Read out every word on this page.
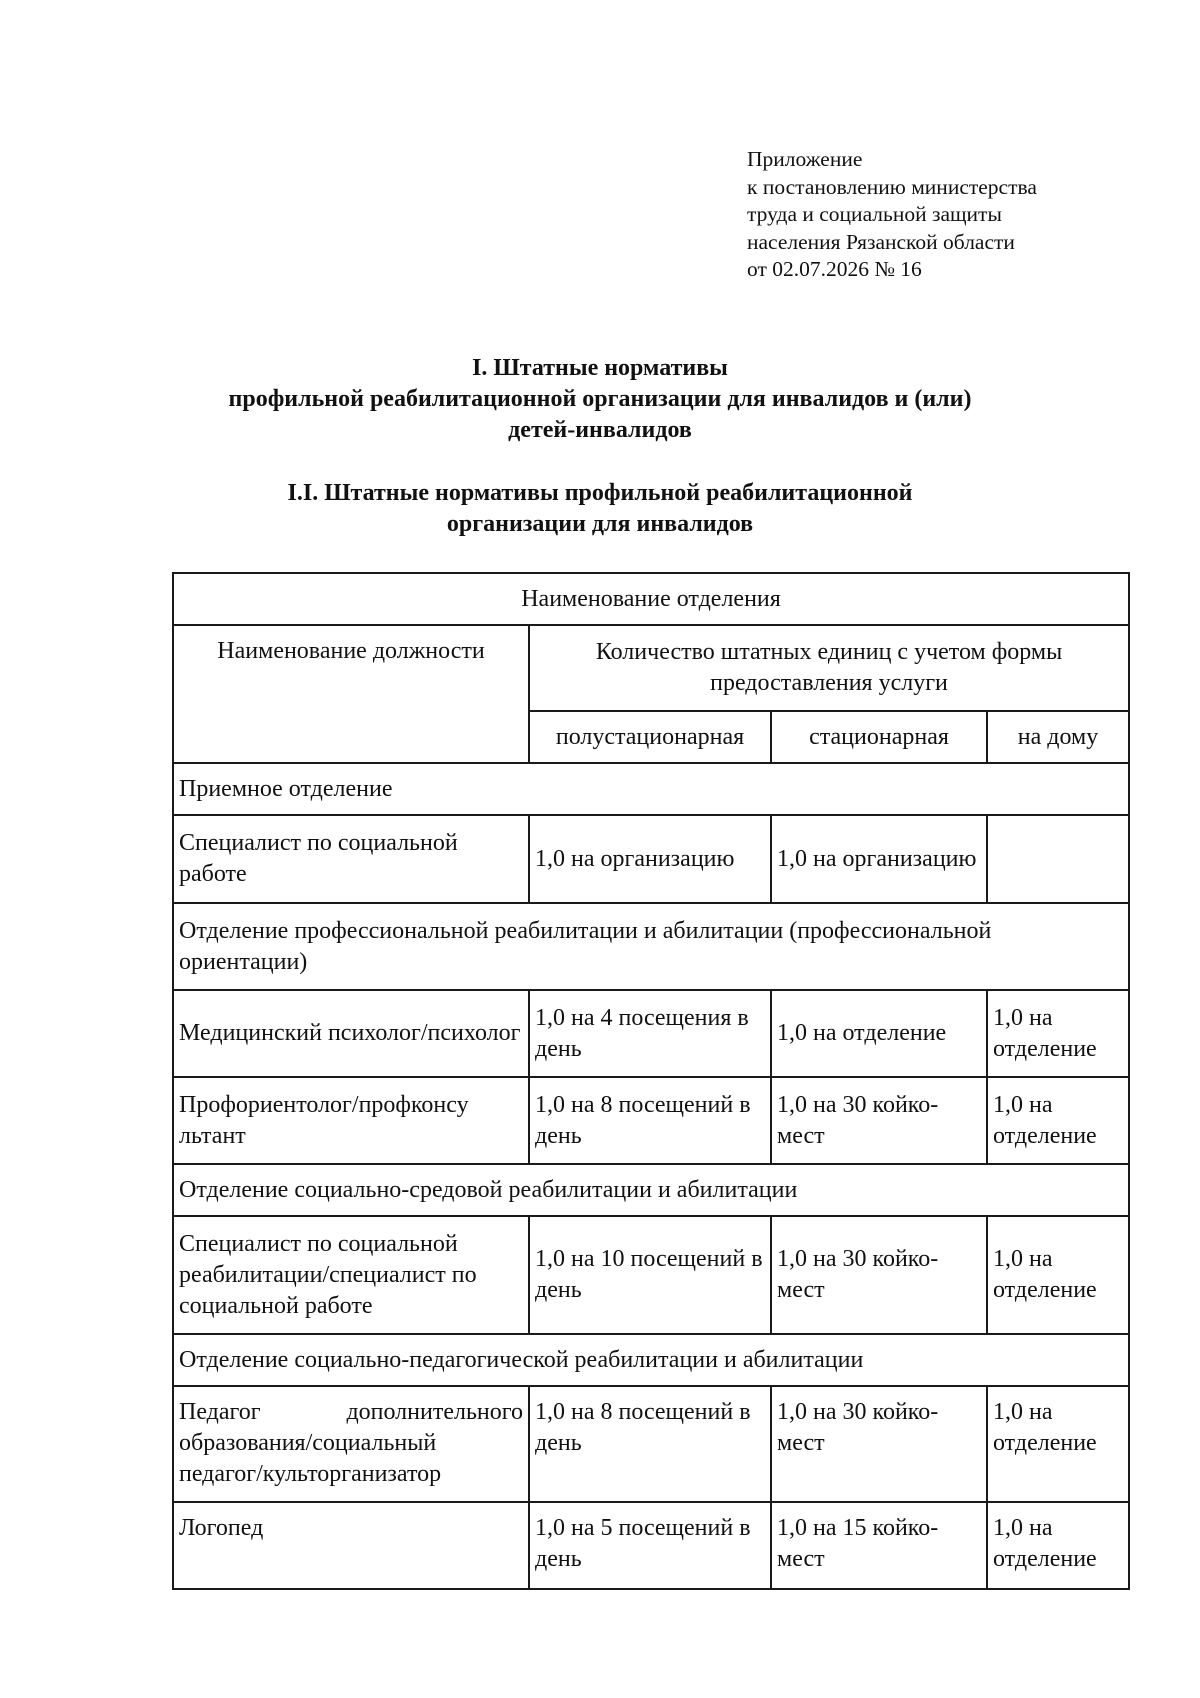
Приложение
к постановлению министерства
труда и социальной защиты
населения Рязанской области
от 02.07.2026 № 16
I. Штатные нормативы
профильной реабилитационной организации для инвалидов и (или)
детей-инвалидов
I.I. Штатные нормативы профильной реабилитационной
организации для инвалидов
Наименование отделения			
Наименование должности	Количество штатных единиц с учетом формы предоставления услуги		
	полустационарная	стационарная	на дому
Приемное отделение			
Специалист по социальной работе	1,0 на организацию	1,0 на организацию	
Отделение профессиональной реабилитации и абилитации (профессиональной ориентации)			
Медицинский психолог/психолог	1,0 на 4 посещения в день	1,0 на отделение	1,0 на отделение
Профориентолог/профконсу льтант	1,0 на 8 посещений в день	1,0 на 30 койко-мест	1,0 на отделение
Отделение социально-средовой реабилитации и абилитации			
Специалист по социальной реабилитации/специалист по социальной работе	1,0 на 10 посещений в день	1,0 на 30 койко-мест	1,0 на отделение
Отделение социально-педагогической реабилитации и абилитации			

Педагог дополнительного
образования/социальный педагог/культорганизатор	1,0 на 8 посещений в день	1,0 на 30 койко-мест	1,0 на отделение
Логопед	1,0 на 5 посещений в день	1,0 на 15 койко-мест	1,0 на отделение
